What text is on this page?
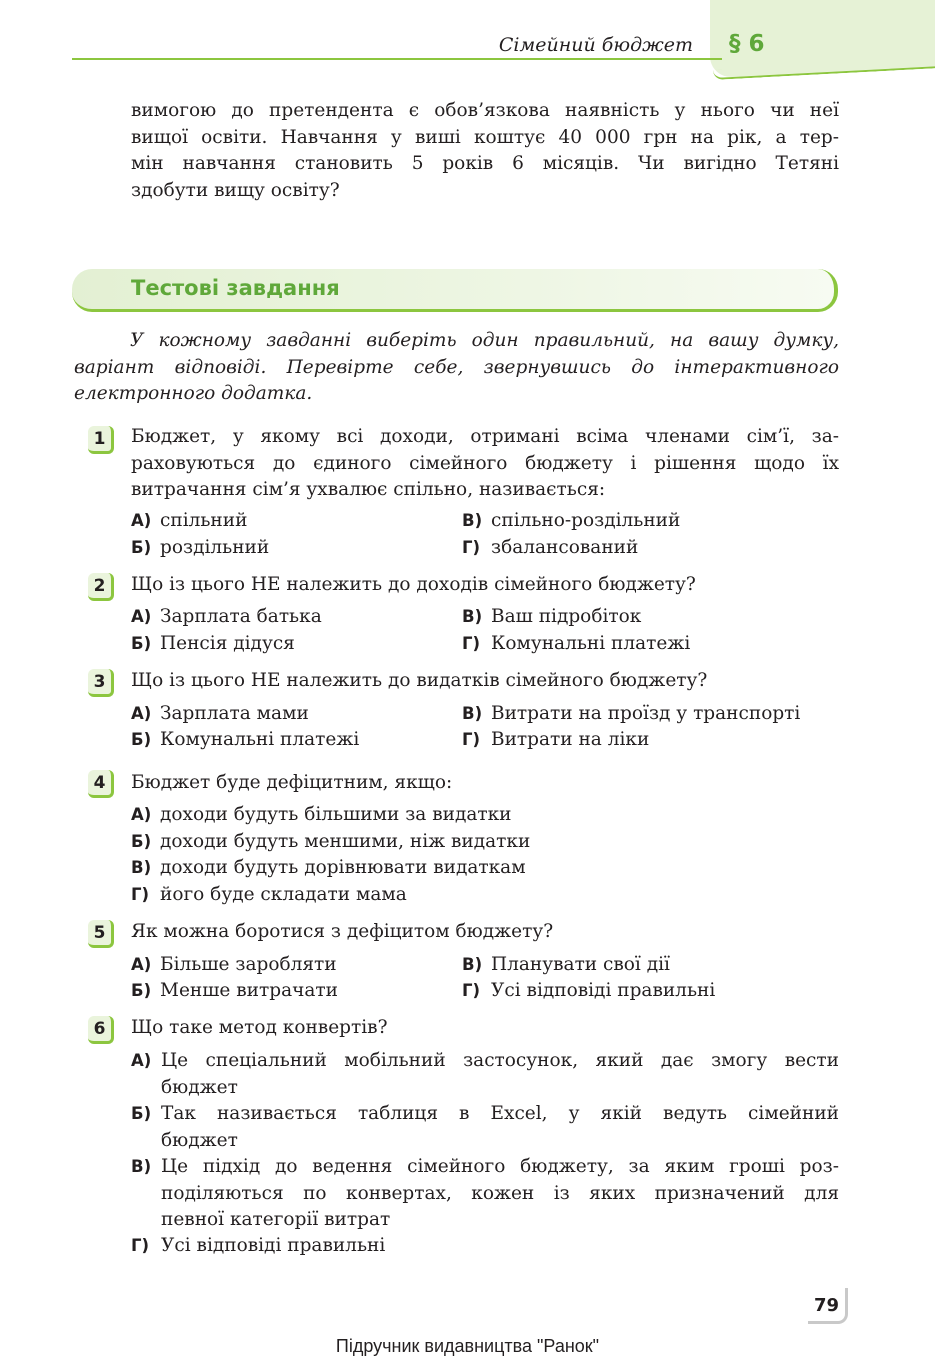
Сімейний бюджет § 6
вимогою до претендента є обов’язкова наявність у нього чи неї
вищої освіти. Навчання у виші коштує 40 000 грн на рік, а тер-
мін навчання становить 5 років 6 місяців. Чи вигідно Тетяні
здобути вищу освіту?
Тестові завдання
У кожному завданні виберіть один правильний, на вашу думку,
варіант відповіді. Перевірте себе, звернувшись до інтерактивного
електронного додатка.
1	Бюджет, у якому всі доходи, отримані всіма членами сім’ї, за-
раховуються до єдиного сімейного бюджету і рішення щодо їх
витрачання сім’я ухвалює спільно, називається:
А) спільний	В) спільно-роздільний
Б) роздільний	Г) збалансований
2	Що із цього НЕ належить до доходів сімейного бюджету?
А) Зарплата батька	В) Ваш підробіток
Б) Пенсія дідуся	Г) Комунальні платежі
3	Що із цього НЕ належить до видатків сімейного бюджету?
А) Зарплата мами	В) Витрати на проїзд у транспорті
Б) Комунальні платежі	Г) Витрати на ліки
4	Бюджет буде дефіцитним, якщо:
А) доходи будуть більшими за видатки
Б) доходи будуть меншими, ніж видатки
В) доходи будуть дорівнювати видаткам
Г) його буде складати мама
5	Як можна боротися з дефіцитом бюджету?
А) Більше заробляти	В) Планувати свої дії
Б) Менше витрачати	Г) Усі відповіді правильні
6	Що таке метод конвертів?
А) Це спеціальний мобільний застосунок, який дає змогу вести
бюджет
Б) Так називається таблиця в Excel, у якій ведуть сімейний
бюджет
В) Це підхід до ведення сімейного бюджету, за яким гроші роз-
поділяються по конвертах, кожен із яких призначений для
певної категорії витрат
Г) Усі відповіді правильні
79
Підручник видавництва "Ранок"
